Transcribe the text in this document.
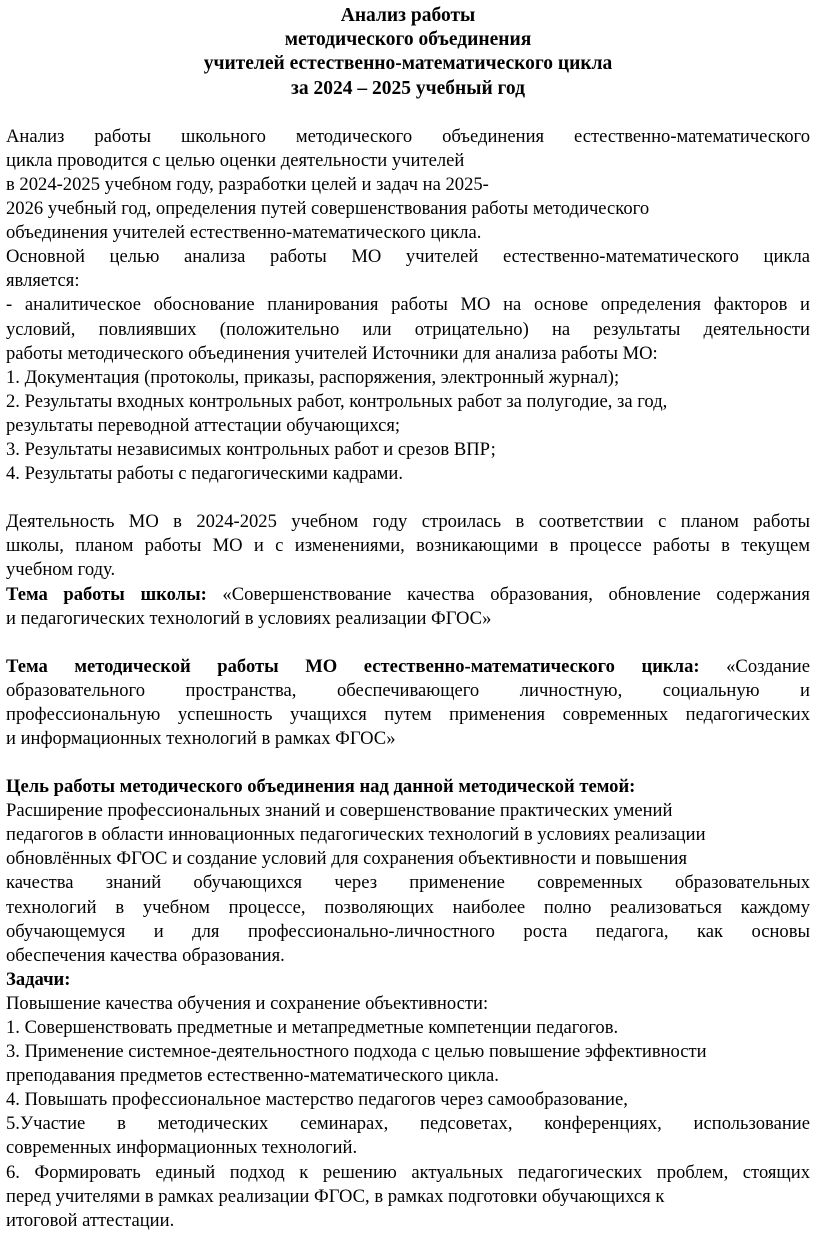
Анализ работы
методического объединения
учителей естественно-математического цикла
за 2024 – 2025 учебный год

Анализ работы школьного методического объединения естественно-математического

цикла проводится с целью оценки деятельности учителей

в 2024-2025 учебном году, разработки целей и задач на 2025-

2026 учебный год, определения путей совершенствования работы методического

объединения учителей естественно-математического цикла.

Основной целью анализа работы МО учителей естественно-математического цикла

является:

- аналитическое обоснование планирования работы МО на основе определения факторов и

условий, повлиявших (положительно или отрицательно) на результаты деятельности

работы методического объединения учителей Источники для анализа работы МО:

1. Документация (протоколы, приказы, распоряжения, электронный журнал);

2. Результаты входных контрольных работ, контрольных работ за полугодие, за год,

результаты переводной аттестации обучающихся;

3. Результаты независимых контрольных работ и срезов ВПР;

4. Результаты работы с педагогическими кадрами.

Деятельность МО в 2024-2025 учебном году строилась в соответствии с планом работы

школы, планом работы МО и с изменениями, возникающими в процессе работы в текущем

учебном году.

Тема работы школы: «Совершенствование качества образования, обновление содержания

и педагогических технологий в условиях реализации ФГОС»

Тема методической работы МО естественно-математического цикла: «Создание

образовательного пространства, обеспечивающего личностную, социальную и

профессиональную успешность учащихся путем применения современных педагогических

и информационных технологий в рамках ФГОС»

Цель работы методического объединения над данной методической темой:

Расширение профессиональных знаний и совершенствование практических умений

педагогов в области инновационных педагогических технологий в условиях реализации

обновлённых ФГОС и создание условий для сохранения объективности и повышения

качества знаний обучающихся через применение современных образовательных

технологий в учебном процессе, позволяющих наиболее полно реализоваться каждому

обучающемуся и для профессионально-личностного роста педагога, как основы

обеспечения качества образования.

Задачи:

Повышение качества обучения и сохранение объективности:

1. Совершенствовать предметные и метапредметные компетенции педагогов.

3. Применение системное-деятельностного подхода с целью повышение эффективности

преподавания предметов естественно-математического цикла.

4. Повышать профессиональное мастерство педагогов через самообразование,

5.Участие в методических семинарах, педсоветах, конференциях, использование

современных информационных технологий.

6. Формировать единый подход к решению актуальных педагогических проблем, стоящих

перед учителями в рамках реализации ФГОС, в рамках подготовки обучающихся к

итоговой аттестации.
